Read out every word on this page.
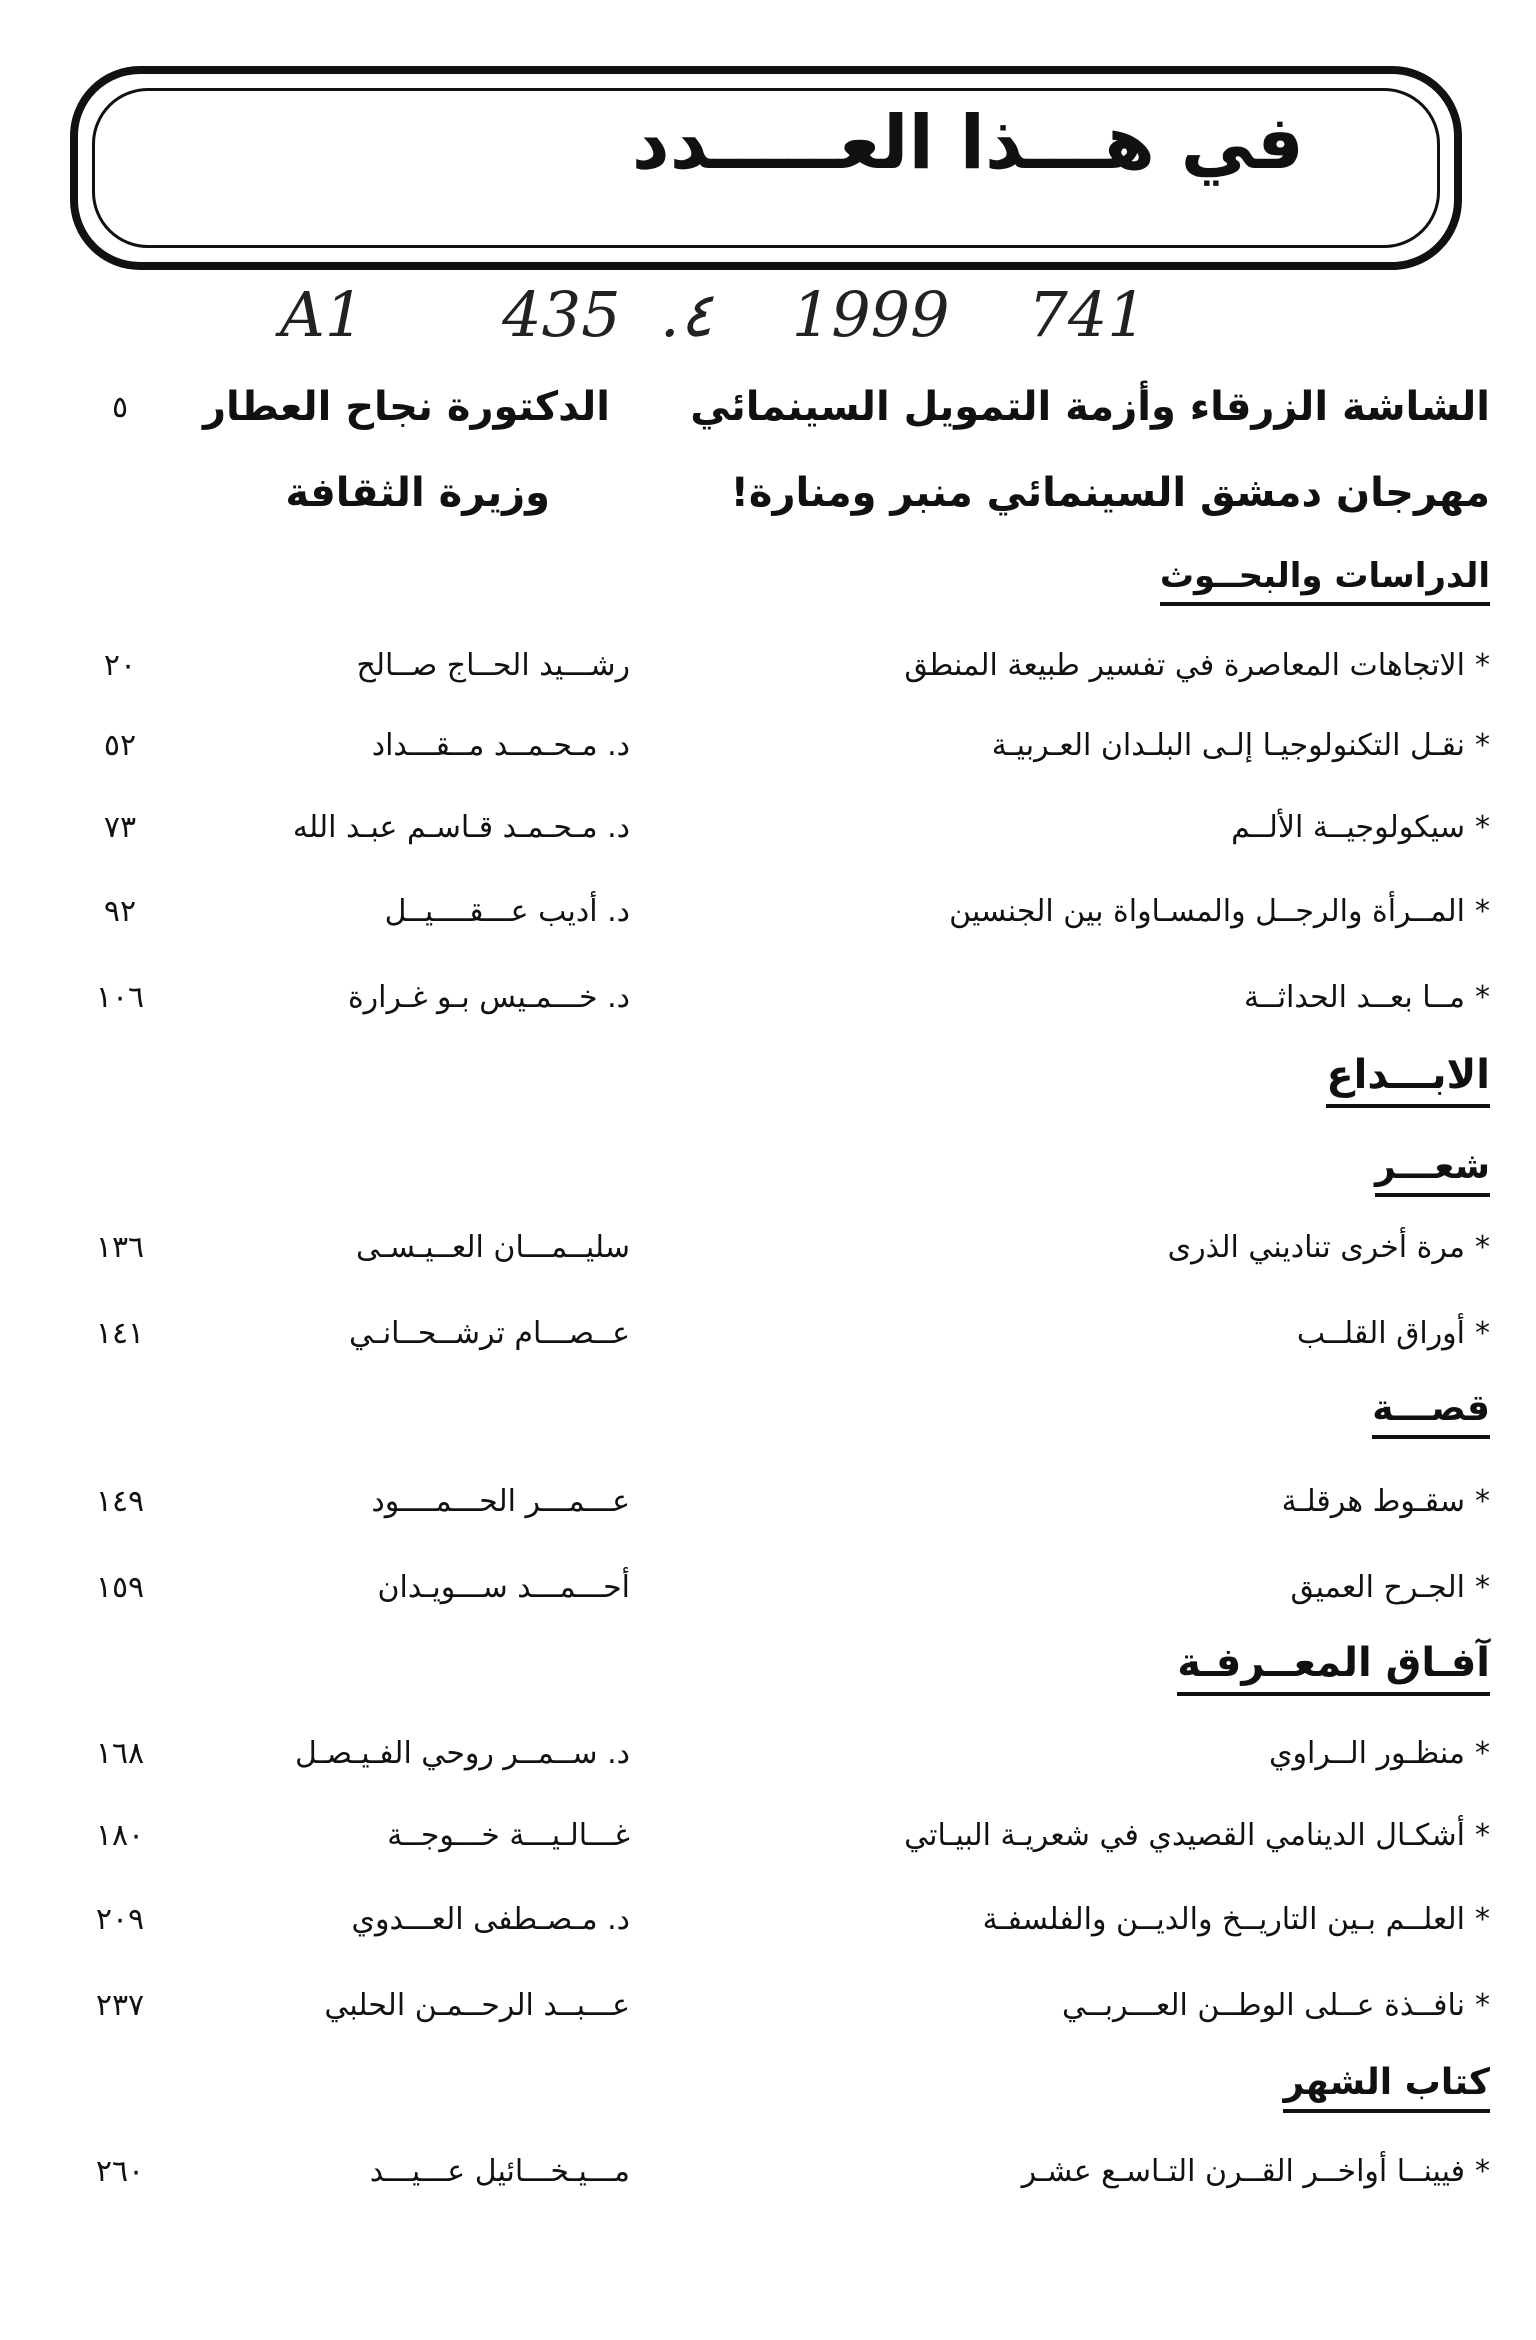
في هـــذا العـــــدد
A1       435  .٤    1999    741
الشاشة الزرقاء وأزمة التمويل السينمائي
الدكتورة نجاح العطار
٥
مهرجان دمشق السينمائي منبر ومنارة!
وزيرة الثقافة
الدراسات والبحــوث
*الاتجاهات المعاصرة في تفسير طبيعة المنطق
رشـــيد الحــاج صــالح
٢٠
*نقـل التكنولوجيـا إلـى البلـدان العـربيـة
د. مـحـمــد مــقـــداد
٥٢
*سيكولوجيــة الألــم
د. مـحـمـد قـاسـم عبـد الله
٧٣
*المــرأة والرجــل والمسـاواة بين الجنسين
د. أديب عـــقــــيــل
٩٢
*مــا بعــد الحداثــة
د. خـــمـيس بـو غـرارة
١٠٦
الابـــداع
شعـــر
*مرة أخرى تناديني الذرى
سليــمـــان العــيـسـى
١٣٦
*أوراق القلــب
عــصـــام ترشــحــانـي
١٤١
قصـــة
*سقـوط هرقلـة
عـــمـــر الحـــمــــود
١٤٩
*الجـرح العميق
أحـــمـــد ســـويـدان
١٥٩
آفـاق المعــرفـة
*منظـور الــراوي
د. ســمــر روحي الفـيـصـل
١٦٨
*أشكـال الدينامي القصيدي في شعريـة البيـاتي
غـــالـيـــة خـــوجــة
١٨٠
*العلــم بـين التاريــخ والديــن والفلسفـة
د. مـصـطفى العـــدوي
٢٠٩
*نافــذة عــلى الوطــن العـــربــي
عـــبــد الرحــمـن الحلبي
٢٣٧
كتاب الشهر
*فيينــا أواخــر القــرن التـاسـع عشـر
مـــيـخـــائيل عـــيـــد
٢٦٠
